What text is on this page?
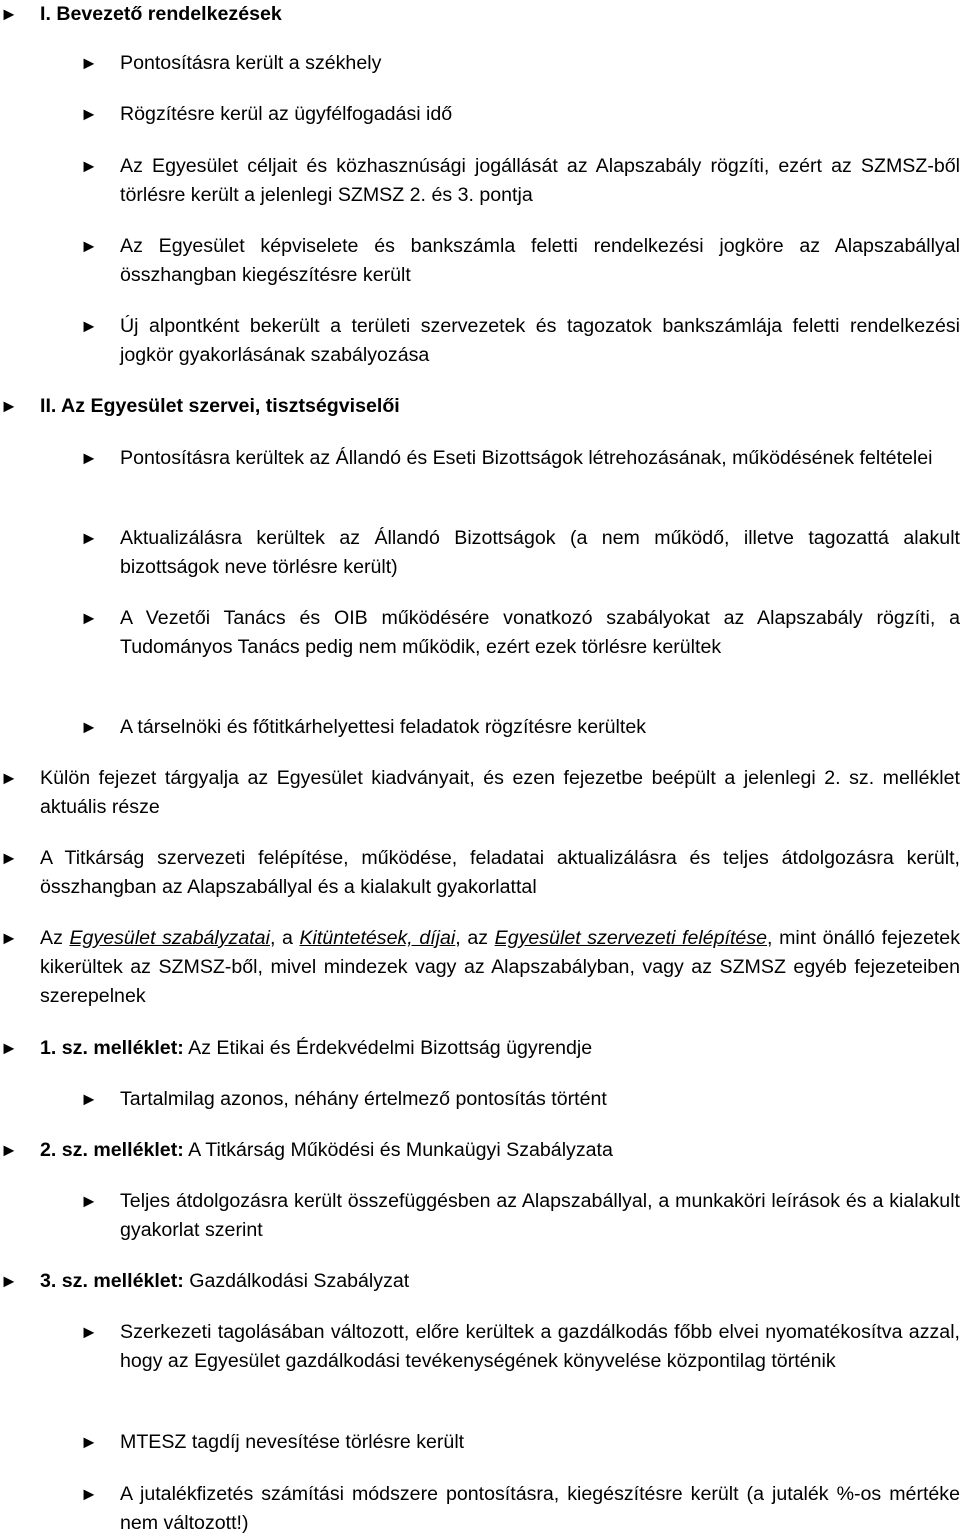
► I. Bevezető rendelkezések
► Pontosításra került a székhely
► Rögzítésre kerül az ügyfélfogadási idő
► Az Egyesület céljait és közhasznúsági jogállását az Alapszabály rögzíti, ezért az SZMSZ-ből törlésre került a jelenlegi SZMSZ 2. és 3. pontja
► Az Egyesület képviselete és bankszámla feletti rendelkezési jogköre az Alapszabállyal összhangban kiegészítésre került
► Új alpontként bekerült a területi szervezetek és tagozatok bankszámlája feletti rendelkezési jogkör gyakorlásának szabályozása
► II. Az Egyesület szervei, tisztségviselői
► Pontosításra kerültek az Állandó és Eseti Bizottságok létrehozásának, működésének feltételei
► Aktualizálásra kerültek az Állandó Bizottságok (a nem működő, illetve tagozattá alakult bizottságok neve törlésre került)
► A Vezetői Tanács és OIB működésére vonatkozó szabályokat az Alapszabály rögzíti, a Tudományos Tanács pedig nem működik, ezért ezek törlésre kerültek
► A társelnöki és főtitkárhelyettesi feladatok rögzítésre kerültek
► Külön fejezet tárgyalja az Egyesület kiadványait, és ezen fejezetbe beépült a jelenlegi 2. sz. melléklet aktuális része
► A Titkárság szervezeti felépítése, működése, feladatai aktualizálásra és teljes átdolgozásra került, összhangban az Alapszabállyal és a kialakult gyakorlattal
► Az Egyesület szabályzatai, a Kitüntetések, díjai, az Egyesület szervezeti felépítése, mint önálló fejezetek kikerültek az SZMSZ-ből, mivel mindezek vagy az Alapszabályban, vagy az SZMSZ egyéb fejezeteiben szerepelnek
► 1. sz. melléklet: Az Etikai és Érdekvédelmi Bizottság ügyrendje
► Tartalmilag azonos, néhány értelmező pontosítás történt
► 2. sz. melléklet: A Titkárság Működési és Munkaügyi Szabályzata
► Teljes átdolgozásra került összefüggésben az Alapszabállyal, a munkaköri leírások és a kialakult gyakorlat szerint
► 3. sz. melléklet: Gazdálkodási Szabályzat
► Szerkezeti tagolásában változott, előre kerültek a gazdálkodás főbb elvei nyomatékosítva azzal, hogy az Egyesület gazdálkodási tevékenységének könyvelése központilag történik
► MTESZ tagdíj nevesítése törlésre került
► A jutalékfizetés számítási módszere pontosításra, kiegészítésre került (a jutalék %-os mértéke nem változott!)
